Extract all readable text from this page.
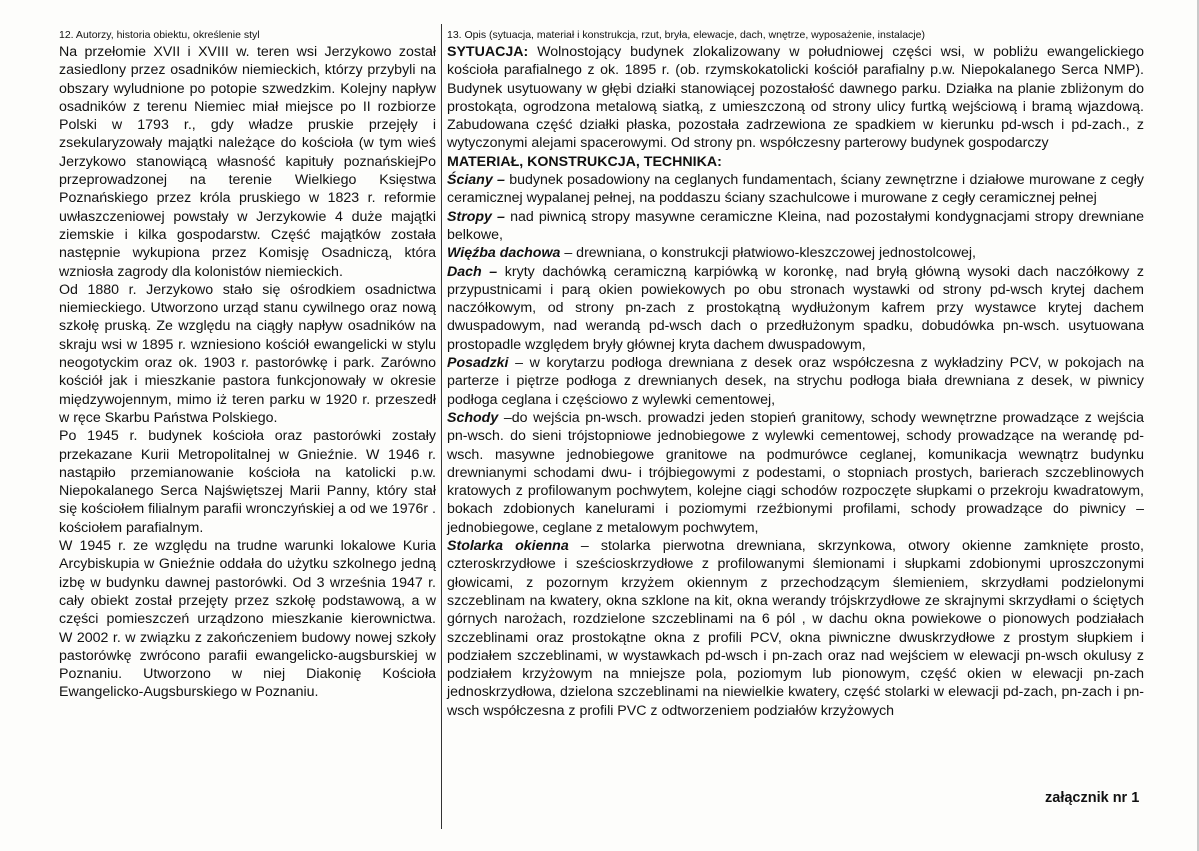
12. Autorzy, historia obiektu, określenie styl

Na przełomie XVII i XVIII w. teren wsi Jerzykowo został zasiedlony przez osadników niemieckich, którzy przybyli na obszary wyludnione po potopie szwedzkim. Kolejny napływ osadników z terenu Niemiec miał miejsce po II rozbiorze Polski w 1793 r., gdy władze pruskie przejęły i zsekularyzowały majątki należące do kościoła (w tym wieś Jerzykowo stanowiącą własność kapituły poznańskiejPo przeprowadzonej na terenie Wielkiego Księstwa Poznańskiego przez króla pruskiego w 1823 r. reformie uwłaszczeniowej powstały w Jerzykowie 4 duże majątki ziemskie i kilka gospodarstw. Część majątków została następnie wykupiona przez Komisję Osadniczą, która wzniosła zagrody dla kolonistów niemieckich.

Od 1880 r. Jerzykowo stało się ośrodkiem osadnictwa niemieckiego. Utworzono urząd stanu cywilnego oraz nową szkołę pruską. Ze względu na ciągły napływ osadników na skraju wsi w 1895 r. wzniesiono kościół ewangelicki w stylu neogotyckim oraz ok. 1903 r. pastorówkę i park. Zarówno kościół jak i mieszkanie pastora funkcjonowały w okresie międzywojennym, mimo iż teren parku w 1920 r. przeszedł w ręce Skarbu Państwa Polskiego.

Po 1945 r. budynek kościoła oraz pastorówki zostały przekazane Kurii Metropolitalnej w Gnieźnie. W 1946 r. nastąpiło przemianowanie kościoła na katolicki p.w. Niepokalanego Serca Najświętszej Marii Panny, który stał się kościołem filialnym parafii wronczyńskiej a od we 1976r . kościołem parafialnym.

W 1945 r. ze względu na trudne warunki lokalowe Kuria Arcybiskupia w Gnieźnie oddała do użytku szkolnego jedną izbę w budynku dawnej pastorówki. Od 3 września 1947 r. cały obiekt został przejęty przez szkołę podstawową, a w części pomieszczeń urządzono mieszkanie kierownictwa. W 2002 r. w związku z zakończeniem budowy nowej szkoły pastorówkę zwrócono parafii ewangelicko-augsburskiej w Poznaniu. Utworzono w niej Diakonię Kościoła Ewangelicko-Augsburskiego w Poznaniu.

13. Opis (sytuacja, materiał i konstrukcja, rzut, bryła, elewacje, dach, wnętrze, wyposażenie, instalacje)

SYTUACJA: Wolnostojący budynek zlokalizowany w południowej części wsi, w pobliżu ewangelickiego kościoła parafialnego z ok. 1895 r. (ob. rzymskokatolicki kościół parafialny p.w. Niepokalanego Serca NMP). Budynek usytuowany w głębi działki stanowiącej pozostałość dawnego parku. Działka na planie zbliżonym do prostokąta, ogrodzona metalową siatką, z umieszczoną od strony ulicy furtką wejściową i bramą wjazdową. Zabudowana część działki płaska, pozostała zadrzewiona ze spadkiem w kierunku pd-wsch i pd-zach., z wytyczonymi alejami spacerowymi. Od strony pn. współczesny parterowy budynek gospodarczy

MATERIAŁ, KONSTRUKCJA, TECHNIKA:

Ściany – budynek posadowiony na ceglanych fundamentach, ściany zewnętrzne i działowe murowane z cegły ceramicznej wypalanej pełnej, na poddaszu ściany szachulcowe i murowane z cegły ceramicznej pełnej

Stropy – nad piwnicą stropy masywne ceramiczne Kleina, nad pozostałymi kondygnacjami stropy drewniane belkowe,

Więźba dachowa – drewniana, o konstrukcji płatwiowo-kleszczowej jednostolcowej,

Dach – kryty dachówką ceramiczną karpiówką w koronkę, nad bryłą główną wysoki dach naczółkowy z przypustnicami i parą okien powiekowych po obu stronach wystawki od strony pd-wsch krytej dachem naczółkowym, od strony pn-zach z prostokątną wydłużonym kafrem przy wystawce krytej dachem dwuspadowym, nad werandą pd-wsch dach o przedłużonym spadku, dobudówka pn-wsch. usytuowana prostopadle względem bryły głównej kryta dachem dwuspadowym,

Posadzki – w korytarzu podłoga drewniana z desek oraz współczesna z wykładziny PCV, w pokojach na parterze i piętrze podłoga z drewnianych desek, na strychu podłoga biała drewniana z desek, w piwnicy podłoga ceglana i częściowo z wylewki cementowej,

Schody –do wejścia pn-wsch. prowadzi jeden stopień granitowy, schody wewnętrzne prowadzące z wejścia pn-wsch. do sieni trójstopniowe jednobiegowe z wylewki cementowej, schody prowadzące na werandę pd-wsch. masywne jednobiegowe granitowe na podmurówce ceglanej, komunikacja wewnątrz budynku drewnianymi schodami dwu- i trójbiegowymi z podestami, o stopniach prostych, barierach szczeblinowych kratowych z profilowanym pochwytem, kolejne ciągi schodów rozpoczęte słupkami o przekroju kwadratowym, bokach zdobionych kanelurami i poziomymi rzeźbionymi profilami, schody prowadzące do piwnicy –jednobiegowe, ceglane z metalowym pochwytem,

Stolarka okienna – stolarka pierwotna drewniana, skrzynkowa, otwory okienne zamknięte prosto, czteroskrzydłowe i sześcioskrzydłowe z profilowanymi ślemionami i słupkami zdobionymi uproszczonymi głowicami, z pozornym krzyżem okiennym z przechodzącym ślemieniem, skrzydłami podzielonymi szczeblinam na kwatery, okna szklone na kit, okna werandy trójskrzydłowe ze skrajnymi skrzydłami o ściętych górnych narożach, rozdzielone szczeblinami na 6 pól , w dachu okna powiekowe o pionowych podziałach szczeblinami oraz prostokątne okna z profili PCV, okna piwniczne dwuskrzydłowe z prostym słupkiem i podziałem szczeblinami, w wystawkach pd-wsch i pn-zach oraz nad wejściem w elewacji pn-wsch okulusy z podziałem krzyżowym na mniejsze pola, poziomym lub pionowym, część okien w elewacji pn-zach jednoskrzydłowa, dzielona szczeblinami na niewielkie kwatery, część stolarki w elewacji pd-zach, pn-zach i pn-wsch współczesna z profili PVC z odtworzeniem podziałów krzyżowych

załącznik nr 1
